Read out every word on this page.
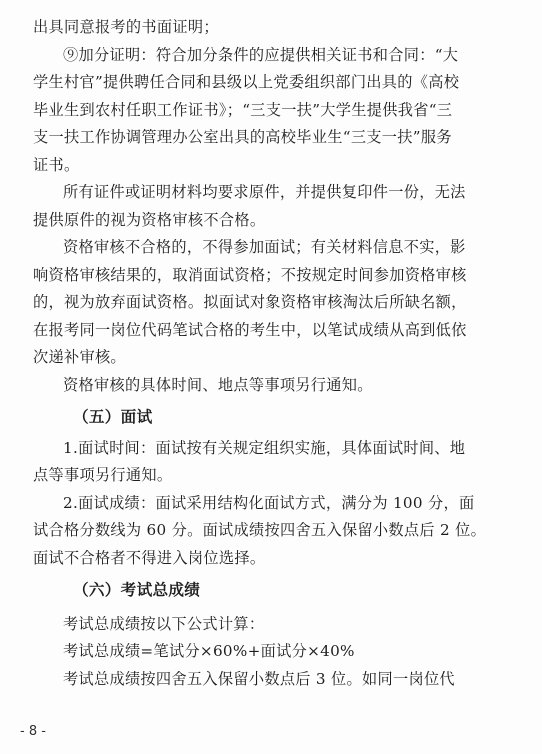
出具同意报考的书面证明；
⑨加分证明：符合加分条件的应提供相关证书和合同：“大
学生村官”提供聘任合同和县级以上党委组织部门出具的《高校
毕业生到农村任职工作证书》；“三支一扶”大学生提供我省“三
支一扶工作协调管理办公室出具的高校毕业生“三支一扶”服务
证书。
所有证件或证明材料均要求原件，并提供复印件一份，无法
提供原件的视为资格审核不合格。
资格审核不合格的，不得参加面试；有关材料信息不实，影
响资格审核结果的，取消面试资格；不按规定时间参加资格审核
的，视为放弃面试资格。拟面试对象资格审核淘汰后所缺名额，
在报考同一岗位代码笔试合格的考生中，以笔试成绩从高到低依
次递补审核。
资格审核的具体时间、地点等事项另行通知。
（五）面试
1.面试时间：面试按有关规定组织实施，具体面试时间、地
点等事项另行通知。
2.面试成绩：面试采用结构化面试方式，满分为 100 分，面
试合格分数线为 60 分。面试成绩按四舍五入保留小数点后 2 位。
面试不合格者不得进入岗位选择。
（六）考试总成绩
考试总成绩按以下公式计算：
考试总成绩=笔试分×60%+面试分×40%
考试总成绩按四舍五入保留小数点后 3 位。如同一岗位代
- 8 -
